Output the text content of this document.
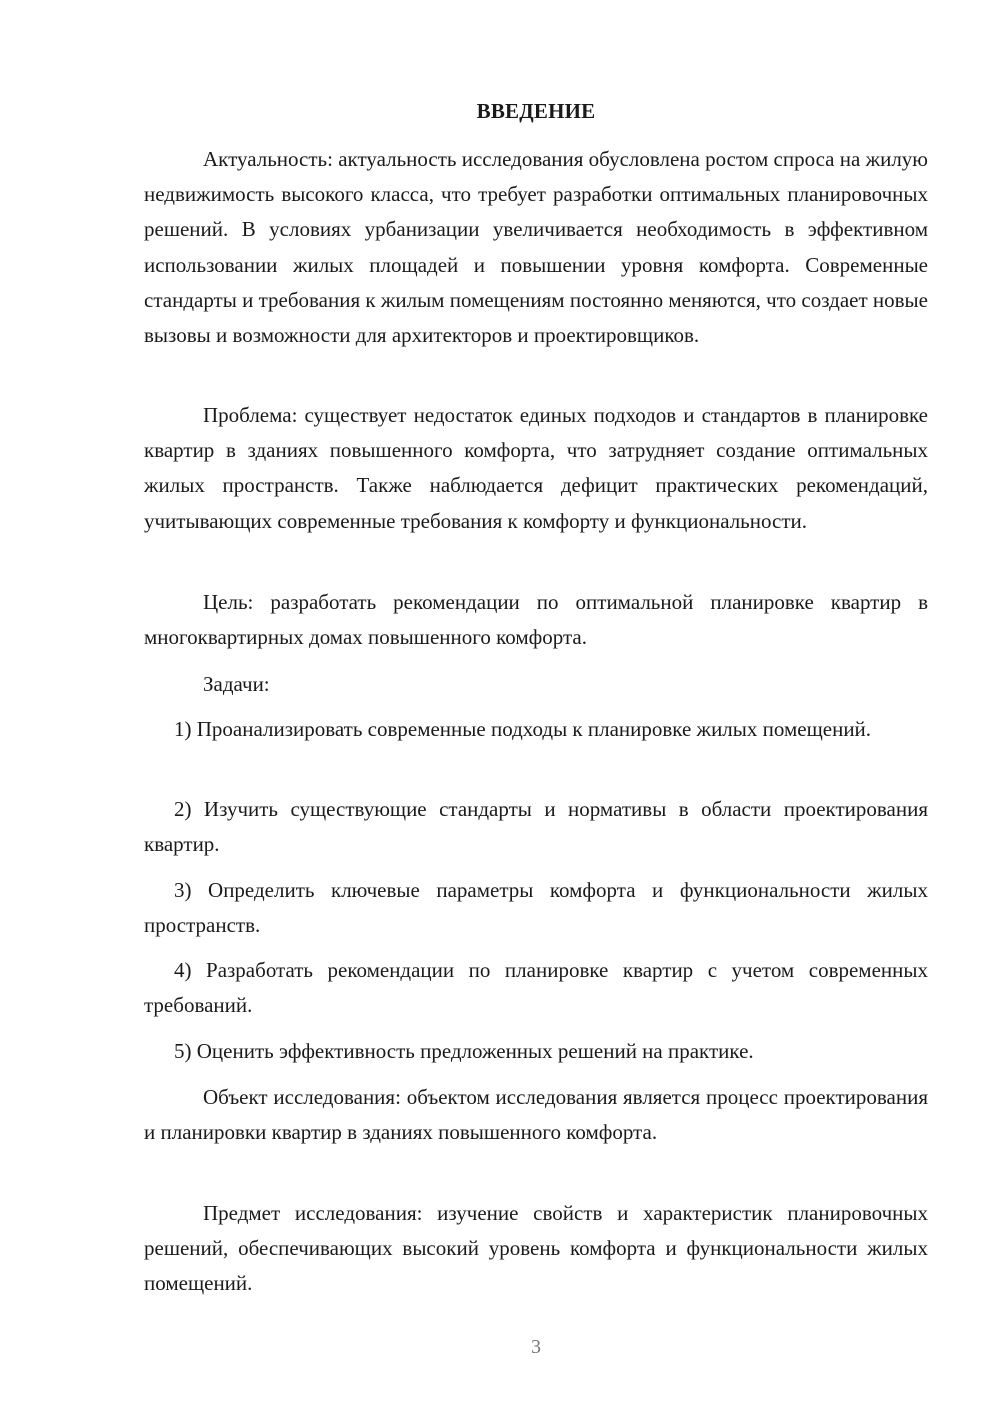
ВВЕДЕНИЕ

Актуальность: актуальность исследования обусловлена ростом спроса на жилую недвижимость высокого класса, что требует разработки оптимальных планировочных решений. В условиях урбанизации увеличивается необходимость в эффективном использовании жилых площадей и повышении уровня комфорта. Современные стандарты и требования к жилым помещениям постоянно меняются, что создает новые вызовы и возможности для архитекторов и проектировщиков.

Проблема: существует недостаток единых подходов и стандартов в планировке квартир в зданиях повышенного комфорта, что затрудняет создание оптимальных жилых пространств. Также наблюдается дефицит практических рекомендаций, учитывающих современные требования к комфорту и функциональности.

Цель: разработать рекомендации по оптимальной планировке квартир в многоквартирных домах повышенного комфорта.

Задачи:

1) Проанализировать современные подходы к планировке жилых помещений.

2) Изучить существующие стандарты и нормативы в области проектирования квартир.

3) Определить ключевые параметры комфорта и функциональности жилых пространств.

4) Разработать рекомендации по планировке квартир с учетом современных требований.

5) Оценить эффективность предложенных решений на практике.

Объект исследования: объектом исследования является процесс проектирования и планировки квартир в зданиях повышенного комфорта.

Предмет исследования: изучение свойств и характеристик планировочных решений, обеспечивающих высокий уровень комфорта и функциональности жилых помещений.

3
